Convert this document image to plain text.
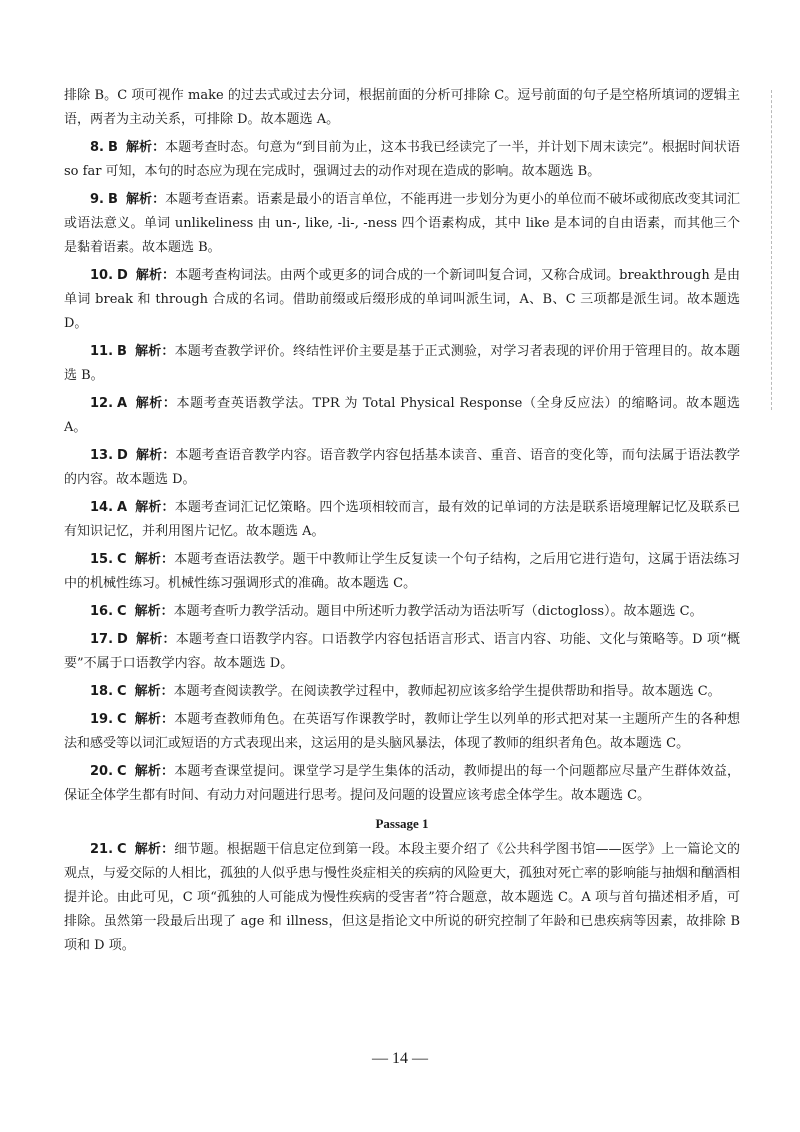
排除 B。C 项可视作 make 的过去式或过去分词，根据前面的分析可排除 C。逗号前面的句子是空格所填词的逻辑主语，两者为主动关系，可排除 D。故本题选 A。

8. B 解析：本题考查时态。句意为“到目前为止，这本书我已经读完了一半，并计划下周末读完”。根据时间状语 so far 可知，本句的时态应为现在完成时，强调过去的动作对现在造成的影响。故本题选 B。

9. B 解析：本题考查语素。语素是最小的语言单位，不能再进一步划分为更小的单位而不破坏或彻底改变其词汇或语法意义。单词 unlikeliness 由 un-, like, -li-, -ness 四个语素构成，其中 like 是本词的自由语素，而其他三个是黏着语素。故本题选 B。

10. D 解析：本题考查构词法。由两个或更多的词合成的一个新词叫复合词，又称合成词。breakthrough 是由单词 break 和 through 合成的名词。借助前缀或后缀形成的单词叫派生词，A、B、C 三项都是派生词。故本题选 D。

11. B 解析：本题考查教学评价。终结性评价主要是基于正式测验，对学习者表现的评价用于管理目的。故本题选 B。

12. A 解析：本题考查英语教学法。TPR 为 Total Physical Response（全身反应法）的缩略词。故本题选 A。

13. D 解析：本题考查语音教学内容。语音教学内容包括基本读音、重音、语音的变化等，而句法属于语法教学的内容。故本题选 D。

14. A 解析：本题考查词汇记忆策略。四个选项相较而言，最有效的记单词的方法是联系语境理解记忆及联系已有知识记忆，并利用图片记忆。故本题选 A。

15. C 解析：本题考查语法教学。题干中教师让学生反复读一个句子结构，之后用它进行造句，这属于语法练习中的机械性练习。机械性练习强调形式的准确。故本题选 C。

16. C 解析：本题考查听力教学活动。题目中所述听力教学活动为语法听写（dictogloss）。故本题选 C。

17. D 解析：本题考查口语教学内容。口语教学内容包括语言形式、语言内容、功能、文化与策略等。D 项“概要”不属于口语教学内容。故本题选 D。

18. C 解析：本题考查阅读教学。在阅读教学过程中，教师起初应该多给学生提供帮助和指导。故本题选 C。

19. C 解析：本题考查教师角色。在英语写作课教学时，教师让学生以列单的形式把对某一主题所产生的各种想法和感受等以词汇或短语的方式表现出来，这运用的是头脑风暴法，体现了教师的组织者角色。故本题选 C。

20. C 解析：本题考查课堂提问。课堂学习是学生集体的活动，教师提出的每一个问题都应尽量产生群体效益，保证全体学生都有时间、有动力对问题进行思考。提问及问题的设置应该考虑全体学生。故本题选 C。

Passage 1

21. C 解析：细节题。根据题干信息定位到第一段。本段主要介绍了《公共科学图书馆——医学》上一篇论文的观点，与爱交际的人相比，孤独的人似乎患与慢性炎症相关的疾病的风险更大，孤独对死亡率的影响能与抽烟和酗酒相提并论。由此可见，C 项“孤独的人可能成为慢性疾病的受害者”符合题意，故本题选 C。A 项与首句描述相矛盾，可排除。虽然第一段最后出现了 age 和 illness，但这是指论文中所说的研究控制了年龄和已患疾病等因素，故排除 B 项和 D 项。

— 14 —
